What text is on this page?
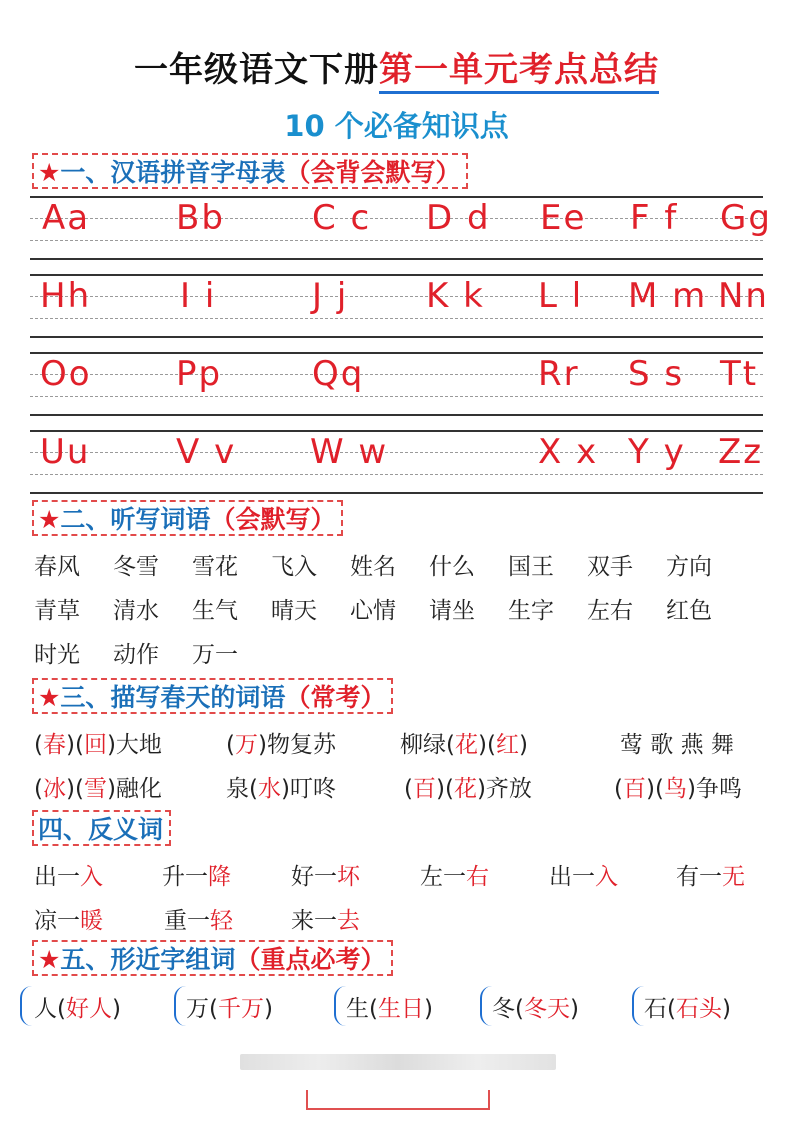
一年级语文下册第一单元考点总结
10 个必备知识点
★一、汉语拼音字母表（会背会默写）
Aa	Bb	C c D d Ee F f Gg
Hh	I i	J j K k L l M m Nn
Oo Pp	Qq	Rr S s Tt
Uu	V v W w	X x Y y Zz
★二、听写词语（会默写）
春风 冬雪 雪花 飞入 姓名 什么 国王 双手 方向
青草 清水 生气 晴天 心情 请坐 生字 左右 红色
时光 动作 万一
★三、描写春天的词语（常考）
(春)(回)大地	(万)物复苏	柳绿(花)(红)	莺 歌 燕 舞
(冰)(雪)融化	泉(水)叮咚	(百)(花)齐放	(百)(鸟)争鸣
四、反义词
出一入	升一降	好一坏	左一右	出一入	有一无
凉一暖	重一轻	来一去
★五、形近字组词（重点必考）
人(好人)	万(千万)	生(生日)	冬(冬天)	石(石头)
